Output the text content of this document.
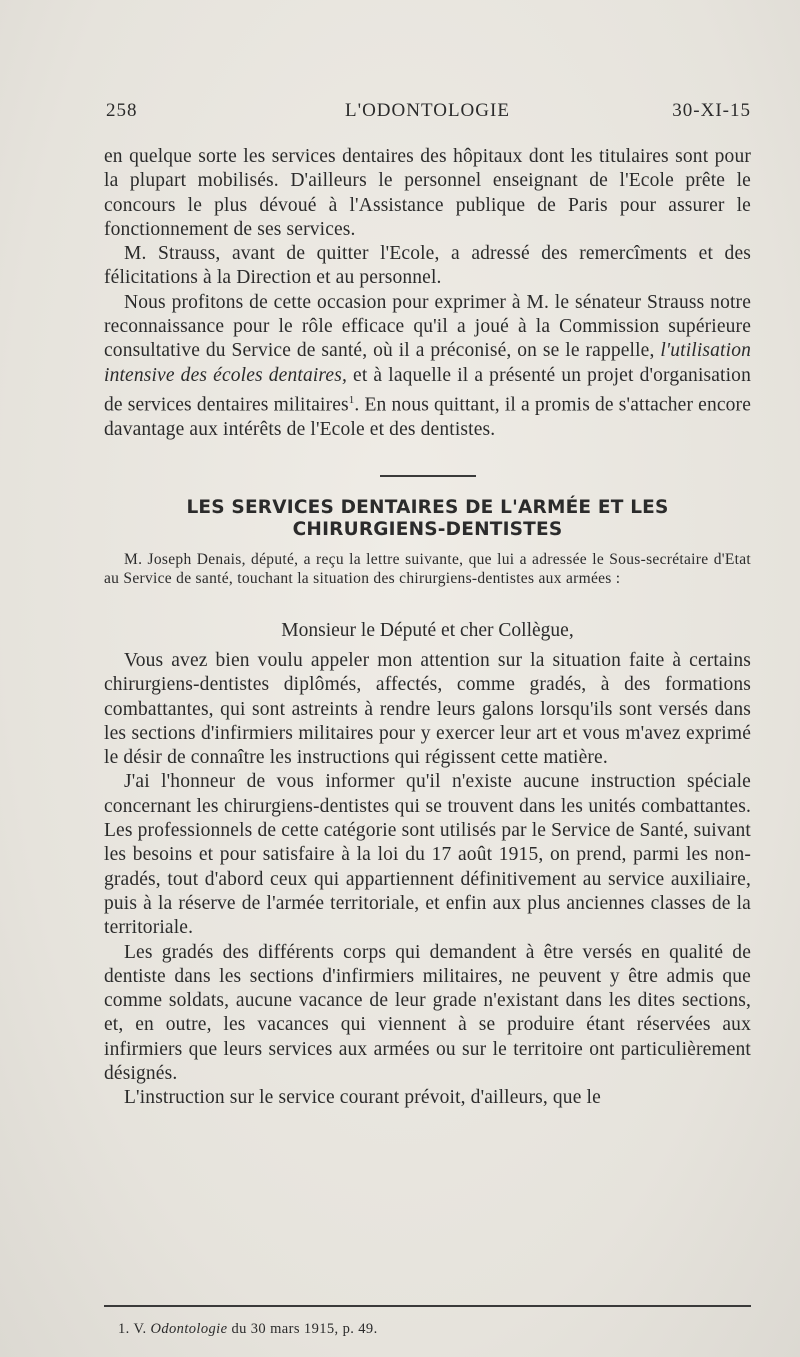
258	L'ODONTOLOGIE	30-XI-15

en quelque sorte les services dentaires des hôpitaux dont les titulaires sont pour la plupart mobilisés. D'ailleurs le personnel enseignant de l'Ecole prête le concours le plus dévoué à l'Assistance publique de Paris pour assurer le fonctionnement de ses services.

M. Strauss, avant de quitter l'Ecole, a adressé des remercîments et des félicitations à la Direction et au personnel.

Nous profitons de cette occasion pour exprimer à M. le sénateur Strauss notre reconnaissance pour le rôle efficace qu'il a joué à la Commission supérieure consultative du Service de santé, où il a préconisé, on se le rappelle, l'utilisation intensive des écoles dentaires, et à laquelle il a présenté un projet d'organisation de services dentaires militaires$^1$. En nous quittant, il a promis de s'attacher encore davantage aux intérêts de l'Ecole et des dentistes.

LES SERVICES DENTAIRES DE L'ARMÉE ET LES
CHIRURGIENS-DENTISTES

M. Joseph Denais, député, a reçu la lettre suivante, que lui a adressée le Sous-secrétaire d'Etat au Service de santé, touchant la situation des chirurgiens-dentistes aux armées :

Monsieur le Député et cher Collègue,

Vous avez bien voulu appeler mon attention sur la situation faite à certains chirurgiens-dentistes diplômés, affectés, comme gradés, à des formations combattantes, qui sont astreints à rendre leurs galons lorsqu'ils sont versés dans les sections d'infirmiers militaires pour y exercer leur art et vous m'avez exprimé le désir de connaître les instructions qui régissent cette matière.

J'ai l'honneur de vous informer qu'il n'existe aucune instruction spéciale concernant les chirurgiens-dentistes qui se trouvent dans les unités combattantes. Les professionnels de cette catégorie sont utilisés par le Service de Santé, suivant les besoins et pour satisfaire à la loi du 17 août 1915, on prend, parmi les non-gradés, tout d'abord ceux qui appartiennent définitivement au service auxiliaire, puis à la réserve de l'armée territoriale, et enfin aux plus anciennes classes de la territoriale.

Les gradés des différents corps qui demandent à être versés en qualité de dentiste dans les sections d'infirmiers militaires, ne peuvent y être admis que comme soldats, aucune vacance de leur grade n'existant dans les dites sections, et, en outre, les vacances qui viennent à se produire étant réservées aux infirmiers que leurs services aux armées ou sur le territoire ont particulièrement désignés.

L'instruction sur le service courant prévoit, d'ailleurs, que le

1. V. Odontologie du 30 mars 1915, p. 49.
